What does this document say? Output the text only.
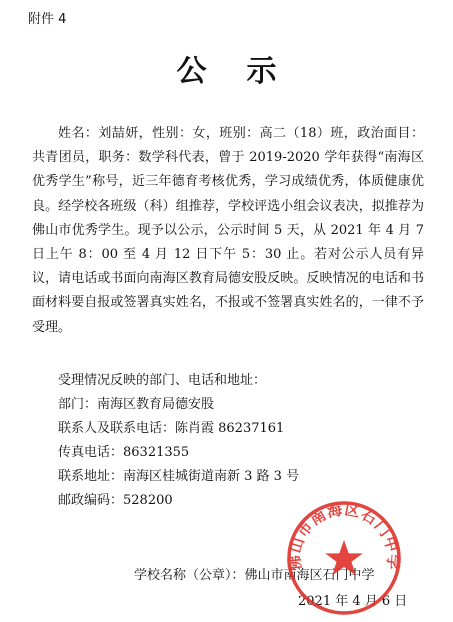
附件 4
公示
姓名：刘喆妍，性别：女，班别：高二（18）班，政治面目：共青团员，职务：数学科代表，曾于 2019-2020 学年获得“南海区优秀学生”称号，近三年德育考核优秀，学习成绩优秀，体质健康优良。经学校各班级（科）组推荐，学校评选小组会议表决，拟推荐为佛山市优秀学生。现予以公示，公示时间 5 天，从 2021 年 4 月 7 日上午 8：00 至 4 月 12 日下午 5：30 止。若对公示人员有异议，请电话或书面向南海区教育局德安股反映。反映情况的电话和书面材料要自报或签署真实姓名，不报或不签署真实姓名的，一律不予受理。
受理情况反映的部门、电话和地址：
部门：南海区教育局德安股
联系人及联系电话：陈肖霞 86237161
传真电话：86321355
联系地址：南海区桂城街道南新 3 路 3 号
邮政编码：528200
学校名称（公章）：佛山市南海区石门中学
2021 年 4 月 6 日
佛山市南海区石门中学
